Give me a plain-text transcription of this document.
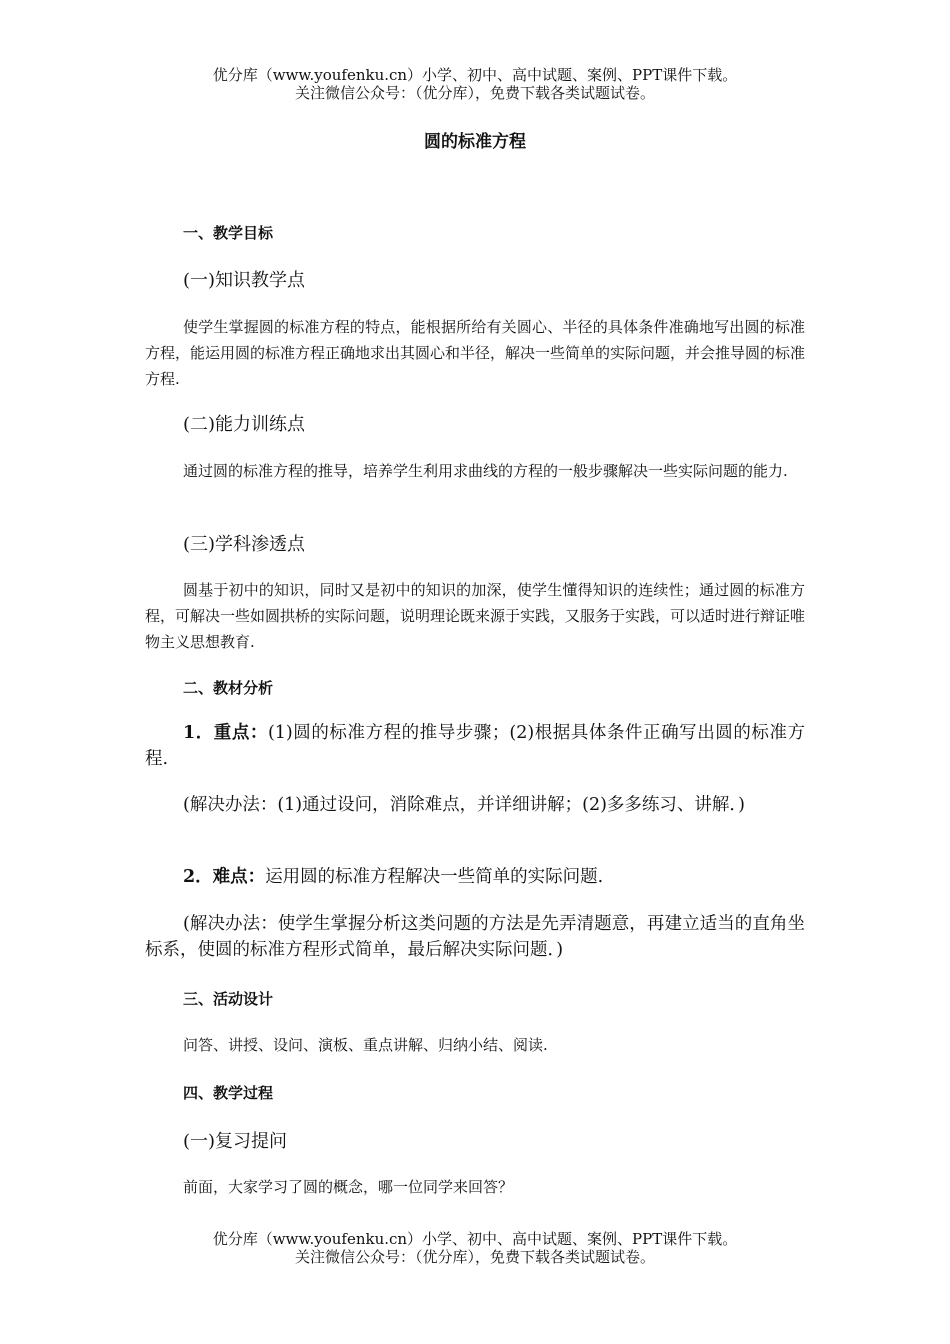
优分库（www.youfenku.cn）小学、初中、高中试题、案例、PPT课件下载。
关注微信公众号：（优分库），免费下载各类试题试卷。
圆的标准方程
一、教学目标
(一)知识教学点
使学生掌握圆的标准方程的特点，能根据所给有关圆心、半径的具体条件准确地写出圆的标准方程，能运用圆的标准方程正确地求出其圆心和半径，解决一些简单的实际问题，并会推导圆的标准方程.
(二)能力训练点
通过圆的标准方程的推导，培养学生利用求曲线的方程的一般步骤解决一些实际问题的能力.
(三)学科渗透点
圆基于初中的知识，同时又是初中的知识的加深，使学生懂得知识的连续性；通过圆的标准方程，可解决一些如圆拱桥的实际问题，说明理论既来源于实践，又服务于实践，可以适时进行辩证唯物主义思想教育.
二、教材分析
1．重点：(1)圆的标准方程的推导步骤；(2)根据具体条件正确写出圆的标准方程.
(解决办法：(1)通过设问，消除难点，并详细讲解；(2)多多练习、讲解．)
2．难点：运用圆的标准方程解决一些简单的实际问题.
(解决办法：使学生掌握分析这类问题的方法是先弄清题意，再建立适当的直角坐标系，使圆的标准方程形式简单，最后解决实际问题．)
三、活动设计
问答、讲授、设问、演板、重点讲解、归纳小结、阅读.
四、教学过程
(一)复习提问
前面，大家学习了圆的概念，哪一位同学来回答？
优分库（www.youfenku.cn）小学、初中、高中试题、案例、PPT课件下载。
关注微信公众号：（优分库），免费下载各类试题试卷。
